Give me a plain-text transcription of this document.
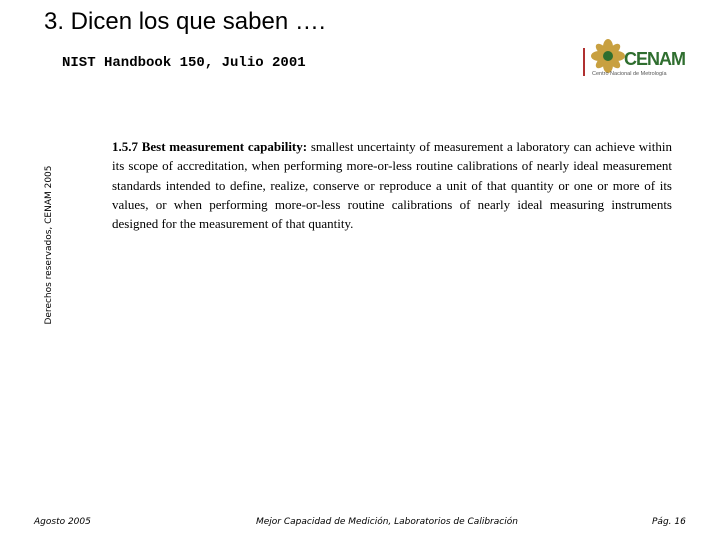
3. Dicen los que saben ….
NIST Handbook 150, Julio 2001	CENAM
Centro Nacional de Metrología
Derechos reservados, CENAM 2005
1.5.7 Best measurement capability: smallest uncertainty of measurement a laboratory can achieve within its scope of accreditation, when performing more-or-less routine calibrations of nearly ideal measurement standards intended to define, realize, conserve or reproduce a unit of that quantity or one or more of its values, or when performing more-or-less routine calibrations of nearly ideal measuring instruments designed for the measurement of that quantity.
Agosto 2005	Mejor Capacidad de Medición, Laboratorios de Calibración	Pág. 16
